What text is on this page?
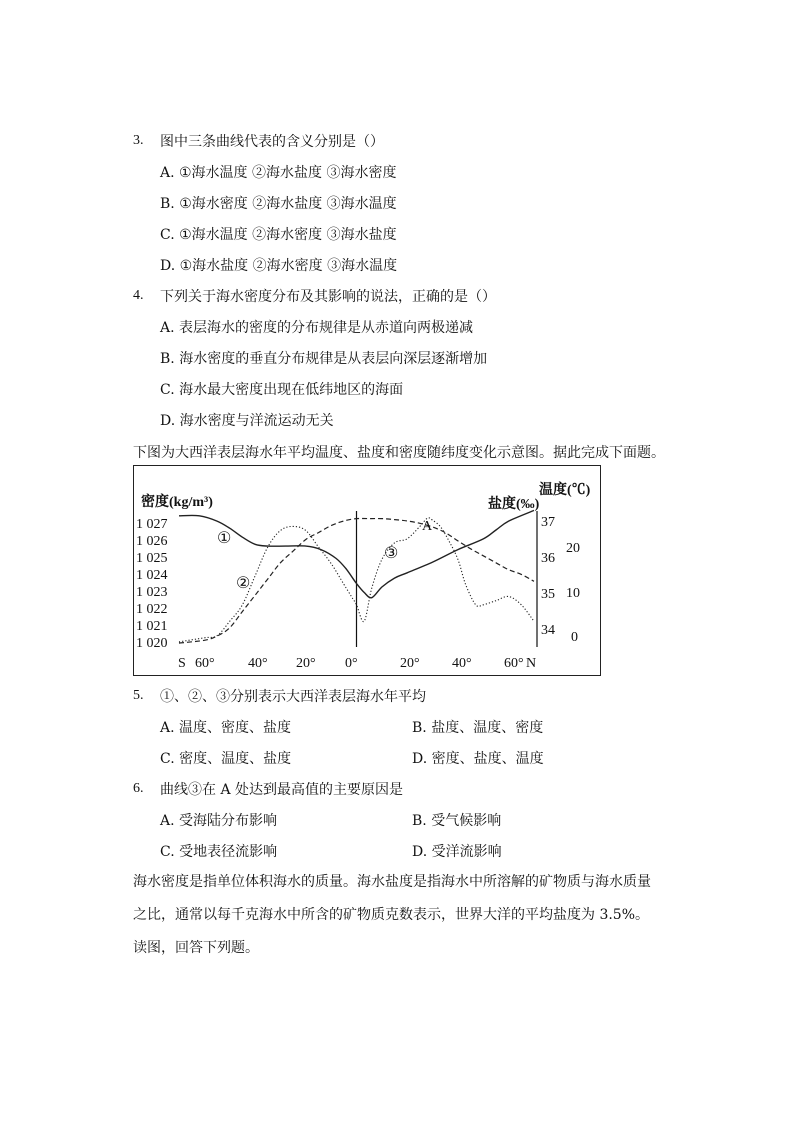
3. 图中三条曲线代表的含义分别是（）
A. ①海水温度 ②海水盐度 ③海水密度
B. ①海水密度 ②海水盐度 ③海水温度
C. ①海水温度 ②海水密度 ③海水盐度
D. ①海水盐度 ②海水密度 ③海水温度
4. 下列关于海水密度分布及其影响的说法，正确的是（）
A. 表层海水的密度的分布规律是从赤道向两极递减
B. 海水密度的垂直分布规律是从表层向深层逐渐增加
C. 海水最大密度出现在低纬地区的海面
D. 海水密度与洋流运动无关
下图为大西洋表层海水年平均温度、盐度和密度随纬度变化示意图。据此完成下面题。
密度(kg/m³)	盐度(‰)
温度(℃)
1 027
1 026
1 025
1 024
1 023
1 022
1 021
1 020
37
36
35
34
20
10
0
S 60° 40° 20° 0°	20° 40° 60° N
①
②
③
A
5. ①、②、③分别表示大西洋表层海水年平均
A. 温度、密度、盐度	B. 盐度、温度、密度
C. 密度、温度、盐度	D. 密度、盐度、温度
6. 曲线③在 A 处达到最高值的主要原因是
A. 受海陆分布影响	B. 受气候影响
C. 受地表径流影响	D. 受洋流影响
海水密度是指单位体积海水的质量。海水盐度是指海水中所溶解的矿物质与海水质量之比，通常以每千克海水中所含的矿物质克数表示，世界大洋的平均盐度为 3.5%。读图，回答下列题。
